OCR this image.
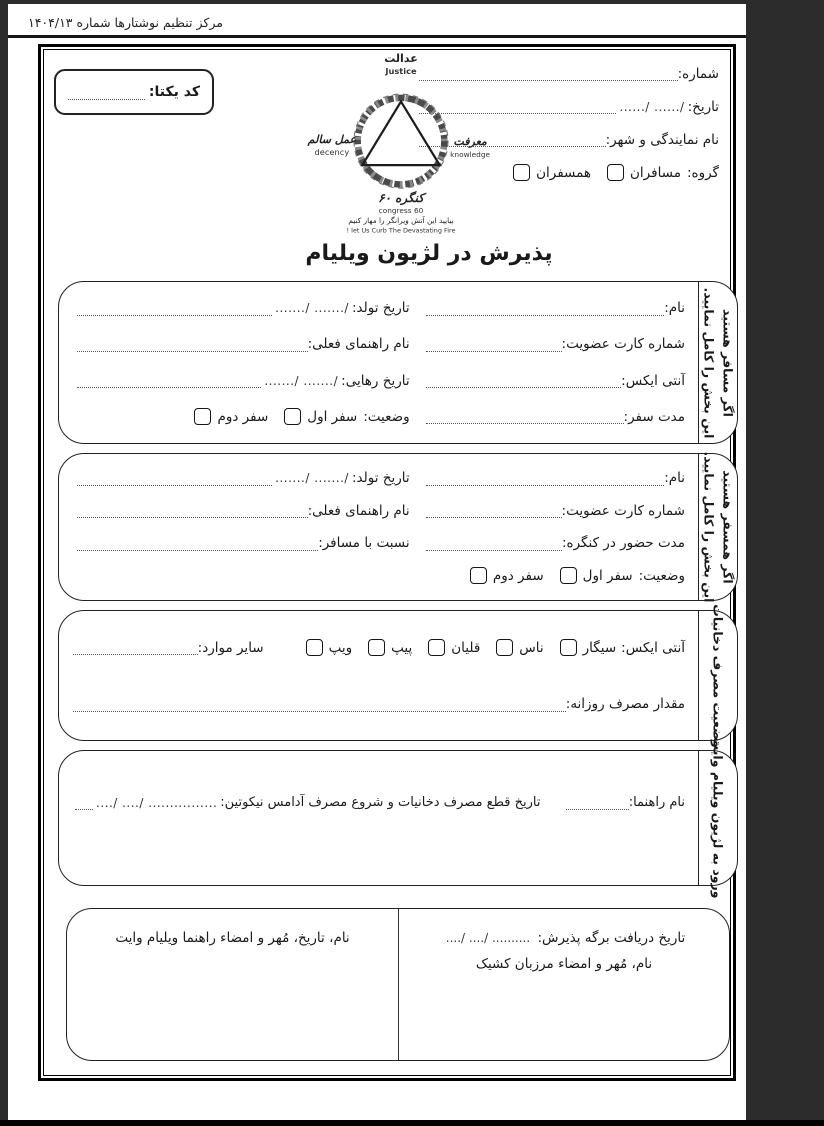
مرکز تنظیم نوشتارها شماره ۱۴۰۴/۱۳
شماره:
تاریخ:
....../ ....../
نام نمایندگی و شهر:
گروه:
مسافران
همسفران
کد یکتا:
عدالت
Justice
معرفت
knowledge
عمل سالم
decency
کنگره ۶۰
congress 60
بیایید این آتش ویرانگر را مهار کنیم
let Us Curb The Devastating Fire !
پذیرش در لژیون ویلیام
اگر مسافر هستید
این بخش را کامل نمایید.
نام:
شماره کارت عضویت:
آنتی ایکس:
مدت سفر:
تاریخ تولد:
......./ ......./
نام راهنمای فعلی:
تاریخ رهایی:
......./ ......./
وضعیت:
سفر اول
سفر دوم
اگر همسفر هستید
این بخش را کامل نمایید.
نام:
شماره کارت عضویت:
مدت حضور در کنگره:
وضعیت:
سفر اول
سفر دوم
تاریخ تولد:
......./ ......./
نام راهنمای فعلی:
نسبت با مسافر:
وضعیت مصرف دخانیات
آنتی ایکس:
سیگار
ناس
قلیان
پیپ
ویپ
سایر موارد:
مقدار مصرف روزانه:
ورود به لژیون ویلیام وایت
نام راهنما:
تاریخ قطع مصرف دخانیات و شروع مصرف آدامس نیکوتین:
..../ ..../ ................
تاریخ دریافت برگه پذیرش: ..../ ..../ ..........
نام، مُهر و امضاء مرزبان کشیک
نام، تاریخ، مُهر و امضاء راهنما ویلیام وایت
